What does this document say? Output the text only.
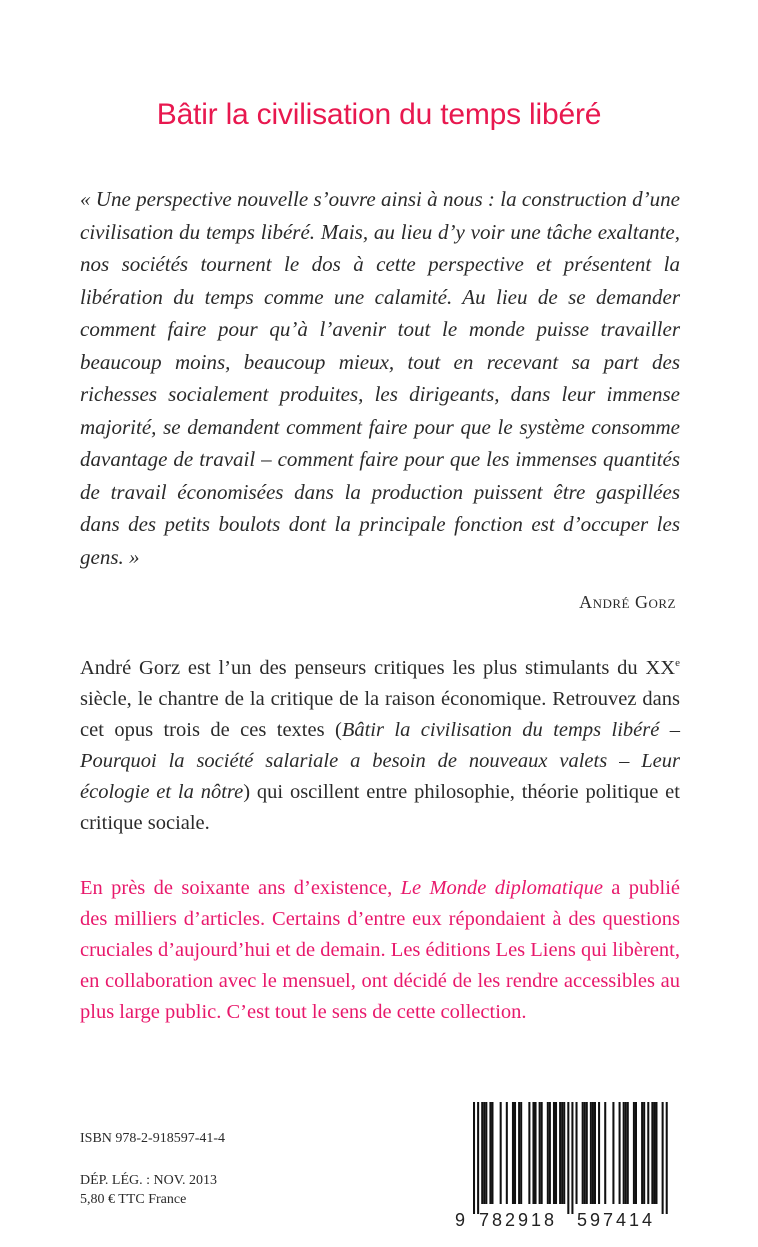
Bâtir la civilisation du temps libéré
« Une perspective nouvelle s’ouvre ainsi à nous : la construction d’une civilisation du temps libéré. Mais, au lieu d’y voir une tâche exaltante, nos sociétés tournent le dos à cette perspective et présentent la libération du temps comme une calamité. Au lieu de se demander comment faire pour qu’à l’avenir tout le monde puisse travailler beaucoup moins, beaucoup mieux, tout en recevant sa part des richesses socialement produites, les dirigeants, dans leur immense majorité, se demandent comment faire pour que le système consomme davantage de travail – comment faire pour que les immenses quantités de travail économisées dans la production puissent être gaspillées dans des petits boulots dont la principale fonction est d’occuper les gens. »
André Gorz
André Gorz est l’un des penseurs critiques les plus stimulants du XXe siècle, le chantre de la critique de la raison économique. Retrouvez dans cet opus trois de ces textes (Bâtir la civilisation du temps libéré – Pourquoi la société salariale a besoin de nouveaux valets – Leur écologie et la nôtre) qui oscillent entre philosophie, théorie politique et critique sociale.
En près de soixante ans d’existence, Le Monde diplomatique a publié des milliers d’articles. Certains d’entre eux répondaient à des questions cruciales d’aujourd’hui et de demain. Les éditions Les Liens qui libèrent, en collaboration avec le mensuel, ont décidé de les rendre accessibles au plus large public. C’est tout le sens de cette collection.
ISBN 978-2-918597-41-4
DÉP. LÉG. : NOV. 2013
5,80 € TTC France
9 782918 597414
